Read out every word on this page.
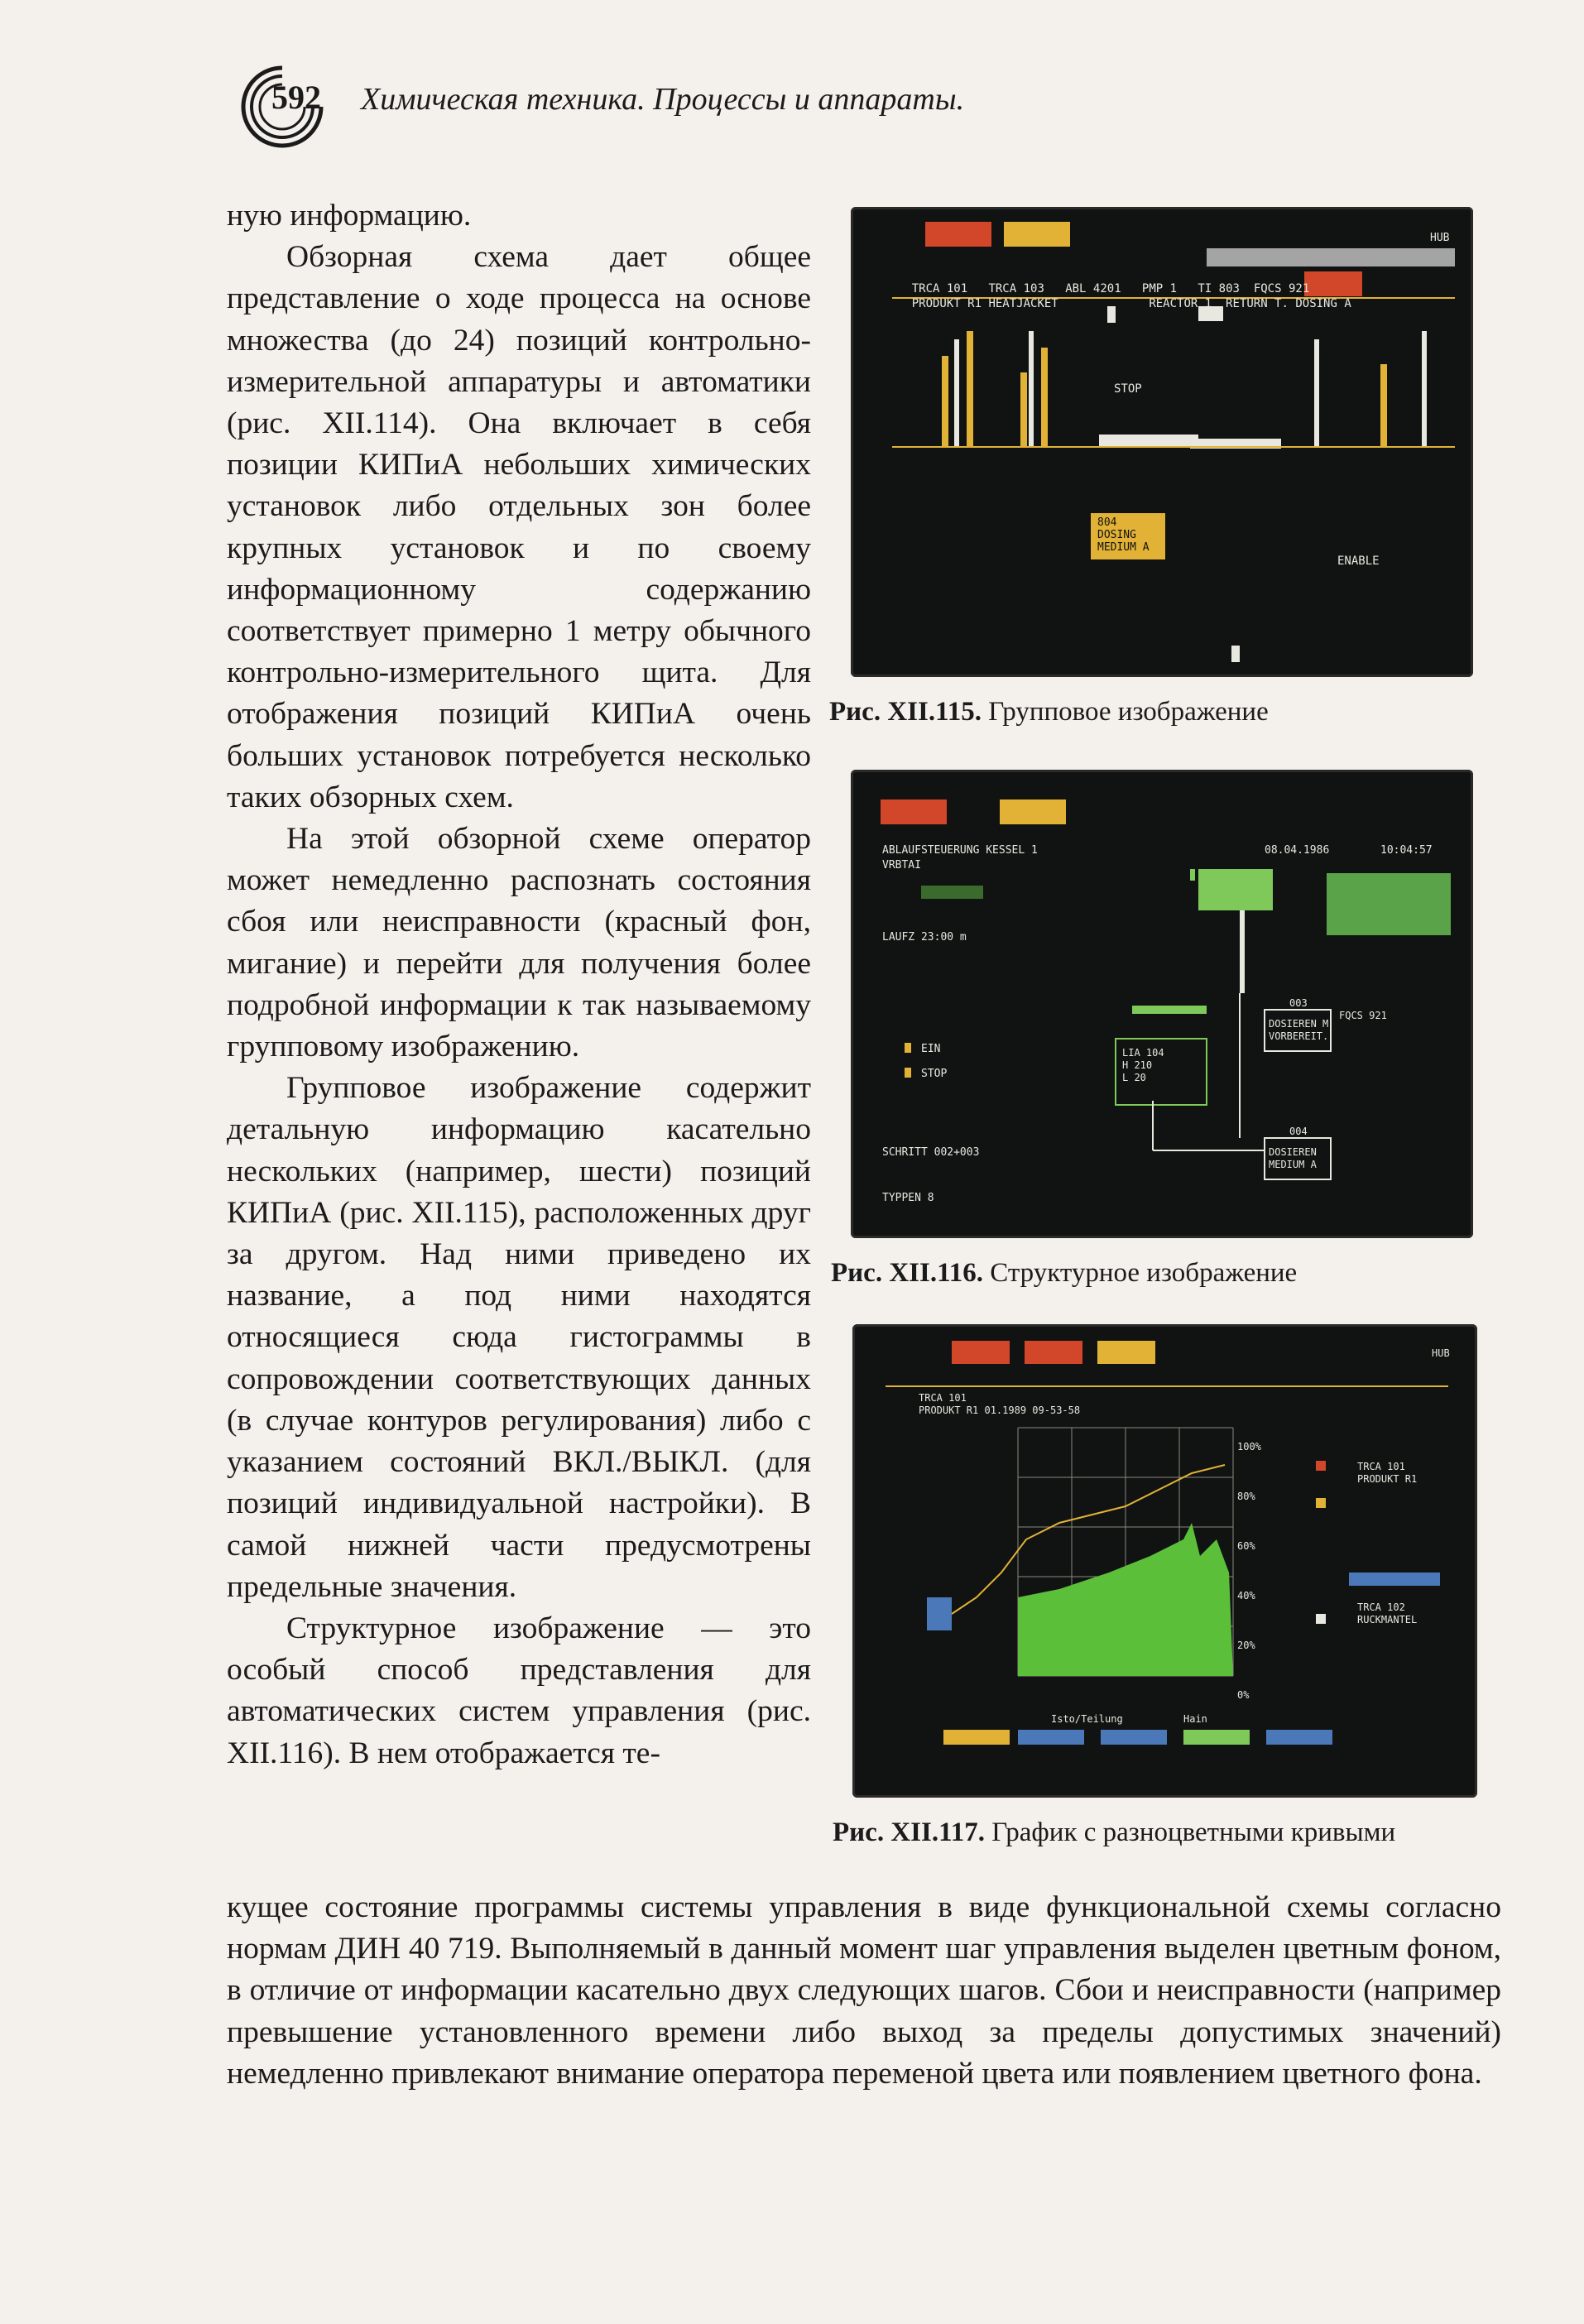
592 Химическая техника. Процессы и аппараты.

ную информацию.

Обзорная схема дает общее представление о ходе процесса на основе множества (до 24) позиций контрольно-измерительной аппаратуры и автоматики (рис. XII.114). Она включает в себя позиции КИПиА небольших химических установок либо отдельных зон более крупных установок и по своему информационному содержанию соответствует примерно 1 метру обычного контрольно-измерительного щита. Для отображения позиций КИПиА очень больших установок потребуется несколько таких обзорных схем.

На этой обзорной схеме оператор может немедленно распознать состояния сбоя или неисправности (красный фон, мигание) и перейти для получения более подробной информации к так называемому групповому изображению.

Групповое изображение содержит детальную информацию касательно нескольких (например, шести) позиций КИПиА (рис. XII.115), расположенных друг за другом. Над ними приведено их название, а под ними находятся относящиеся сюда гистограммы в сопровождении соответствующих данных (в случае контуров регулирования) либо с указанием состояний ВКЛ./ВЫКЛ. (для позиций индивидуальной настройки). В самой нижней части предусмотрены предельные значения.

Структурное изображение — это особый способ представления для автоматических систем управления (рис. XII.116). В нем отображается те-

кущее состояние программы системы управления в виде функциональной схемы согласно нормам ДИН 40 719. Выполняемый в данный момент шаг управления выделен цветным фоном, в отличие от информации касательно двух следующих шагов. Сбои и неисправности (например превышение установленного времени либо выход за пределы допустимых значений) немедленно привлекают внимание оператора переменой цвета или появлением цветного фона.

TRCA 101 TRCA 103 ABL 4201 PMP 1 TI 803 FQCS 921

PRODUKT R1 HEATJACKET	REACTOR 1 RETURN T. DOSING A

STOP
804
DOSING
MEDIUM A
ENABLE
HUB
Рис. XII.115. Групповое изображение
ABLAUFSTEUERUNG KESSEL 1	08.04.1986	10:04:57
VRBTAI
LAUFZ 23:00 m
EIN
STOP
SCHRITT 002+003
TYPPEN 8
DOSIEREN M
VORBEREIT.
DOSIEREN
MEDIUM A
LIA 104
H 210
L 20
FQCS 921
003
004
Рис. XII.116. Структурное изображение
TRCA 101
PRODUKT R1 01.1989 09-53-58
100%
80%
60%
40%
20%
0%
TRCA 101
PRODUKT R1
TRCA 102
RUCKMANTEL
Isto/Teilung	Hain
HUB
Рис. XII.117. График с разноцветными кривыми
